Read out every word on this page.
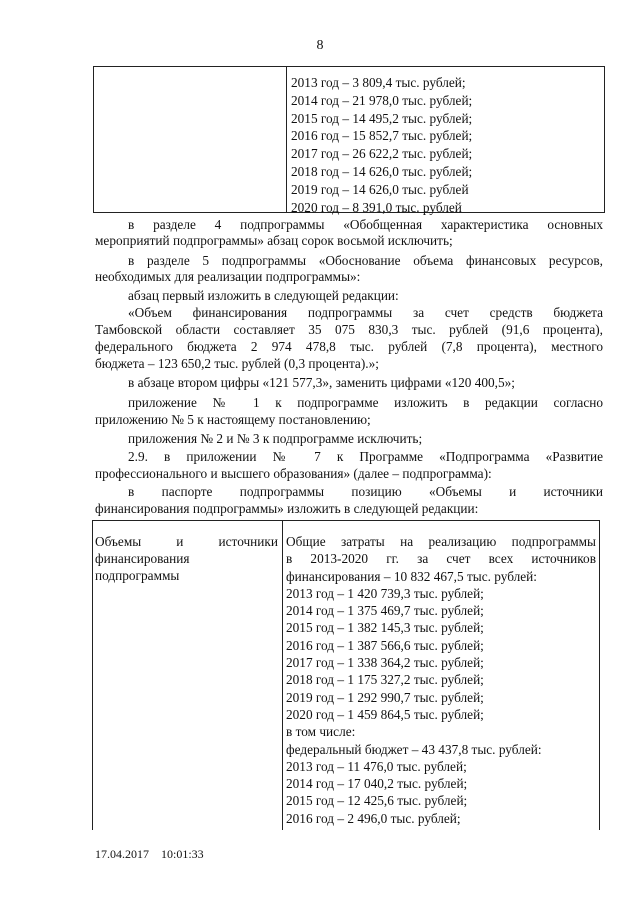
8
2013 год – 3 809,4 тыс. рублей;
2014 год – 21 978,0 тыс. рублей;
2015 год – 14 495,2 тыс. рублей;
2016 год – 15 852,7 тыс. рублей;
2017 год – 26 622,2 тыс. рублей;
2018 год – 14 626,0 тыс. рублей;
2019 год – 14 626,0 тыс. рублей
2020 год – 8 391,0 тыс. рублей
в разделе 4 подпрограммы «Обобщенная характеристика основных
мероприятий подпрограммы» абзац сорок восьмой исключить;
в разделе 5 подпрограммы «Обоснование объема финансовых ресурсов,
необходимых для реализации подпрограммы»:
абзац первый изложить в следующей редакции:
«Объем финансирования подпрограммы за счет средств бюджета
Тамбовской области составляет 35 075 830,3 тыс. рублей (91,6 процента),
федерального бюджета 2 974 478,8 тыс. рублей (7,8 процента), местного
бюджета – 123 650,2 тыс. рублей (0,3 процента).»;
в абзаце втором цифры «121 577,3», заменить цифрами «120 400,5»;
приложение № 1 к подпрограмме изложить в редакции согласно
приложению № 5 к настоящему постановлению;
приложения № 2 и № 3 к подпрограмме исключить;
2.9. в приложении № 7 к Программе «Подпрограмма «Развитие
профессионального и высшего образования» (далее – подпрограмма):
в паспорте подпрограммы позицию «Объемы и источники
финансирования подпрограммы» изложить в следующей редакции:
Объемы и источники
финансирования
подпрограммы
Общие затраты на реализацию подпрограммы
в 2013-2020 гг. за счет всех источников
финансирования – 10 832 467,5 тыс. рублей:
2013 год – 1 420 739,3 тыс. рублей;
2014 год – 1 375 469,7 тыс. рублей;
2015 год – 1 382 145,3 тыс. рублей;
2016 год – 1 387 566,6 тыс. рублей;
2017 год – 1 338 364,2 тыс. рублей;
2018 год – 1 175 327,2 тыс. рублей;
2019 год – 1 292 990,7 тыс. рублей;
2020 год – 1 459 864,5 тыс. рублей;
в том числе:
федеральный бюджет – 43 437,8 тыс. рублей:
2013 год – 11 476,0 тыс. рублей;
2014 год – 17 040,2 тыс. рублей;
2015 год – 12 425,6 тыс. рублей;
2016 год – 2 496,0 тыс. рублей;
17.04.2017 10:01:33
